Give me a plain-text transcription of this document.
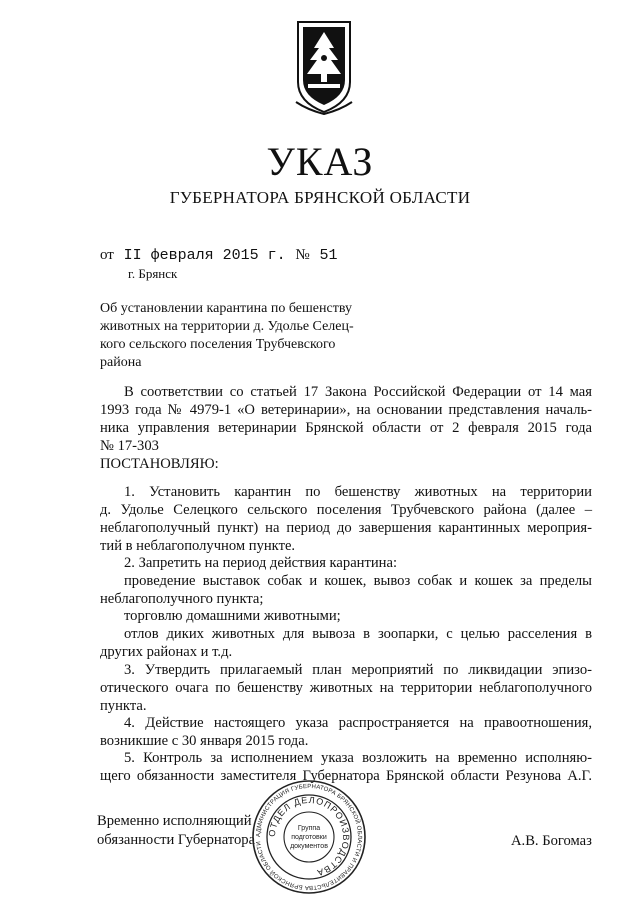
УКАЗ
ГУБЕРНАТОРА БРЯНСКОЙ ОБЛАСТИ
от II февраля 2015 г. № 51
г. Брянск
Об установлении карантина по бешенству
животных на территории д. Удолье Селец-
кого сельского поселения Трубчевского
района
В соответствии со статьей 17 Закона Российской Федерации от 14 мая
1993 года № 4979-1 «О ветеринарии», на основании представления началь-
ника управления ветеринарии Брянской области от 2 февраля 2015 года
№ 17-303
ПОСТАНОВЛЯЮ:
1. Установить карантин по бешенству животных на территории
д. Удолье Селецкого сельского поселения Трубчевского района (далее –
неблагополучный пункт) на период до завершения карантинных мероприя-
тий в неблагополучном пункте.
2. Запретить на период действия карантина:
проведение выставок собак и кошек, вывоз собак и кошек за пределы
неблагополучного пункта;
торговлю домашними животными;
отлов диких животных для вывоза в зоопарки, с целью расселения в
других районах и т.д.
3. Утвердить прилагаемый план мероприятий по ликвидации эпизо-
отического очага по бешенству животных на территории неблагополучного
пункта.
4. Действие настоящего указа распространяется на правоотношения,
возникшие с 30 января 2015 года.
5. Контроль за исполнением указа возложить на временно исполняю-
щего обязанности заместителя Губернатора Брянской области Резунова А.Г.
Временно исполняющий
обязанности Губернатора	А.В. Богомаз
АДМИНИСТРАЦИЯ ГУБЕРНАТОРА БРЯНСКОЙ ОБЛАСТИ И ПРАВИТЕЛЬСТВА БРЯНСКОЙ ОБЛАСТИ
ОТДЕЛ ДЕЛОПРОИЗВОДСТВА
Группа
подготовки
документов
